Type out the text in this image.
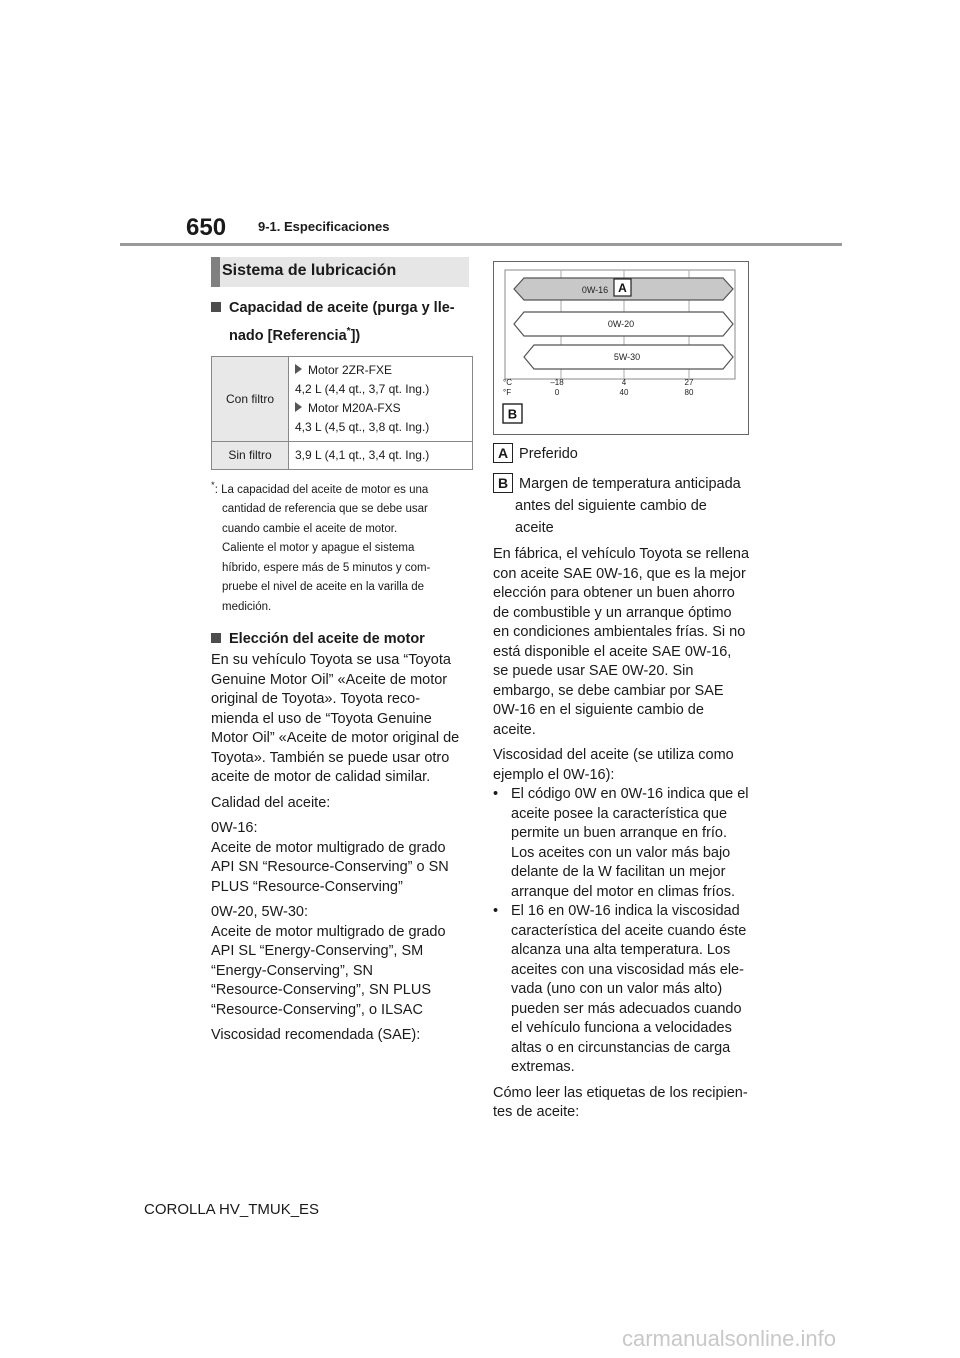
650 9-1. Especificaciones
Sistema de lubricación
Capacidad de aceite (purga y lle-
nado [Referencia*])
Con filtro	Motor 2ZR-FXE
4,2 L (4,4 qt., 3,7 qt. Ing.)
Motor M20A-FXS
4,3 L (4,5 qt., 3,8 qt. Ing.)

Sin filtro	3,9 L (4,1 qt., 3,4 qt. Ing.)
*: La capacidad del aceite de motor es una
cantidad de referencia que se debe usar
cuando cambie el aceite de motor.
Caliente el motor y apague el sistema
híbrido, espere más de 5 minutos y com-
pruebe el nivel de aceite en la varilla de
medición.
Elección del aceite de motor
En su vehículo Toyota se usa “Toyota
Genuine Motor Oil” «Aceite de motor
original de Toyota». Toyota reco-
mienda el uso de “Toyota Genuine
Motor Oil” «Aceite de motor original de
Toyota». También se puede usar otro
aceite de motor de calidad similar.
Calidad del aceite:
0W-16:
Aceite de motor multigrado de grado
API SN “Resource-Conserving” o SN
PLUS “Resource-Conserving”
0W-20, 5W-30:
Aceite de motor multigrado de grado
API SL “Energy-Conserving”, SM
“Energy-Conserving”, SN
“Resource-Conserving”, SN PLUS
“Resource-Conserving”, o ILSAC
Viscosidad recomendada (SAE):
0W-16 A
0W-20
5W-30
°C
°F
–18	4	27
0	40	80
B
A Preferido
B Margen de temperatura anticipada
antes del siguiente cambio de
aceite
En fábrica, el vehículo Toyota se rellena
con aceite SAE 0W-16, que es la mejor
elección para obtener un buen ahorro
de combustible y un arranque óptimo
en condiciones ambientales frías. Si no
está disponible el aceite SAE 0W-16,
se puede usar SAE 0W-20. Sin
embargo, se debe cambiar por SAE
0W-16 en el siguiente cambio de
aceite.
Viscosidad del aceite (se utiliza como
ejemplo el 0W-16):
• El código 0W en 0W-16 indica que el
aceite posee la característica que
permite un buen arranque en frío.
Los aceites con un valor más bajo
delante de la W facilitan un mejor
arranque del motor en climas fríos.
• El 16 en 0W-16 indica la viscosidad
característica del aceite cuando éste
alcanza una alta temperatura. Los
aceites con una viscosidad más ele-
vada (uno con un valor más alto)
pueden ser más adecuados cuando
el vehículo funciona a velocidades
altas o en circunstancias de carga
extremas.
Cómo leer las etiquetas de los recipien-
tes de aceite:
COROLLA HV_TMUK_ES
carmanualsonline.info
